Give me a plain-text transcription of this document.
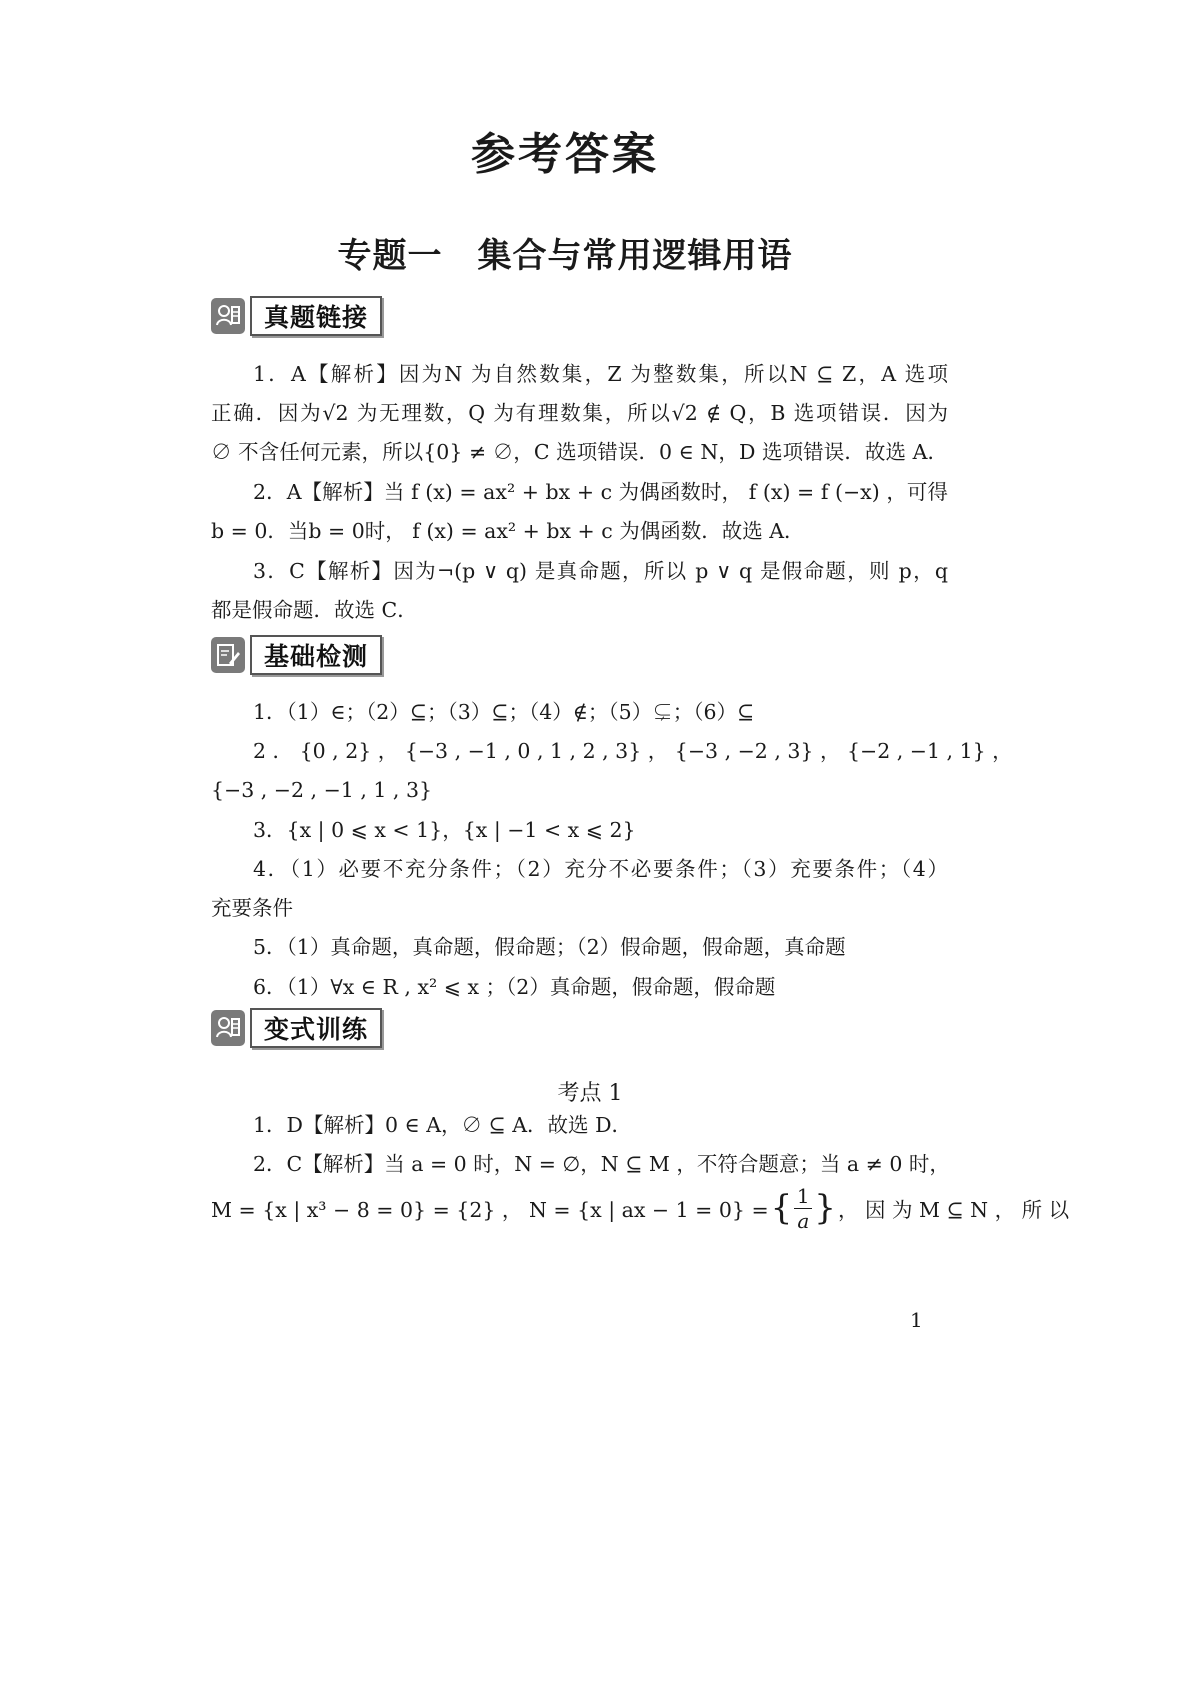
参考答案
专题一　集合与常用逻辑用语
真题链接
1．A【解析】因为N 为自然数集，Z 为整数集，所以N ⊆ Z，A 选项
正确．因为√2 为无理数，Q 为有理数集，所以√2 ∉ Q，B 选项错误．因为
∅ 不含任何元素，所以{0} ≠ ∅，C 选项错误．0 ∈ N，D 选项错误．故选 A．
2．A【解析】当 f (x) = ax² + bx + c 为偶函数时， f (x) = f (−x) ，可得
b = 0．当b = 0时， f (x) = ax² + bx + c 为偶函数．故选 A．
3．C【解析】因为¬(p ∨ q) 是真命题，所以 p ∨ q 是假命题，则 p，q
都是假命题．故选 C．
基础检测
1．（1）∈；（2）⊆；（3）⊆；（4）∉；（5）⊊；（6）⊆
2 ． {0 , 2} ， {−3 , −1 , 0 , 1 , 2 , 3} ， {−3 , −2 , 3} ， {−2 , −1 , 1} ，
{−3 , −2 , −1 , 1 , 3}
3．{x | 0 ⩽ x < 1}，{x | −1 < x ⩽ 2}
4．（1）必要不充分条件；（2）充分不必要条件；（3）充要条件；（4）
充要条件
5．（1）真命题，真命题，假命题；（2）假命题，假命题，真命题
6．（1）∀x ∈ R , x² ⩽ x ；（2）真命题，假命题，假命题
变式训练
考点 1
1．D【解析】0 ∈ A，∅ ⊆ A．故选 D．
2．C【解析】当 a = 0 时，N = ∅，N ⊆ M ，不符合题意；当 a ≠ 0 时，
M = {x | x³ − 8 = 0} = {2} ， N = {x | ax − 1 = 0} = { 1
a } ， 因 为 M ⊆ N ， 所 以
1
